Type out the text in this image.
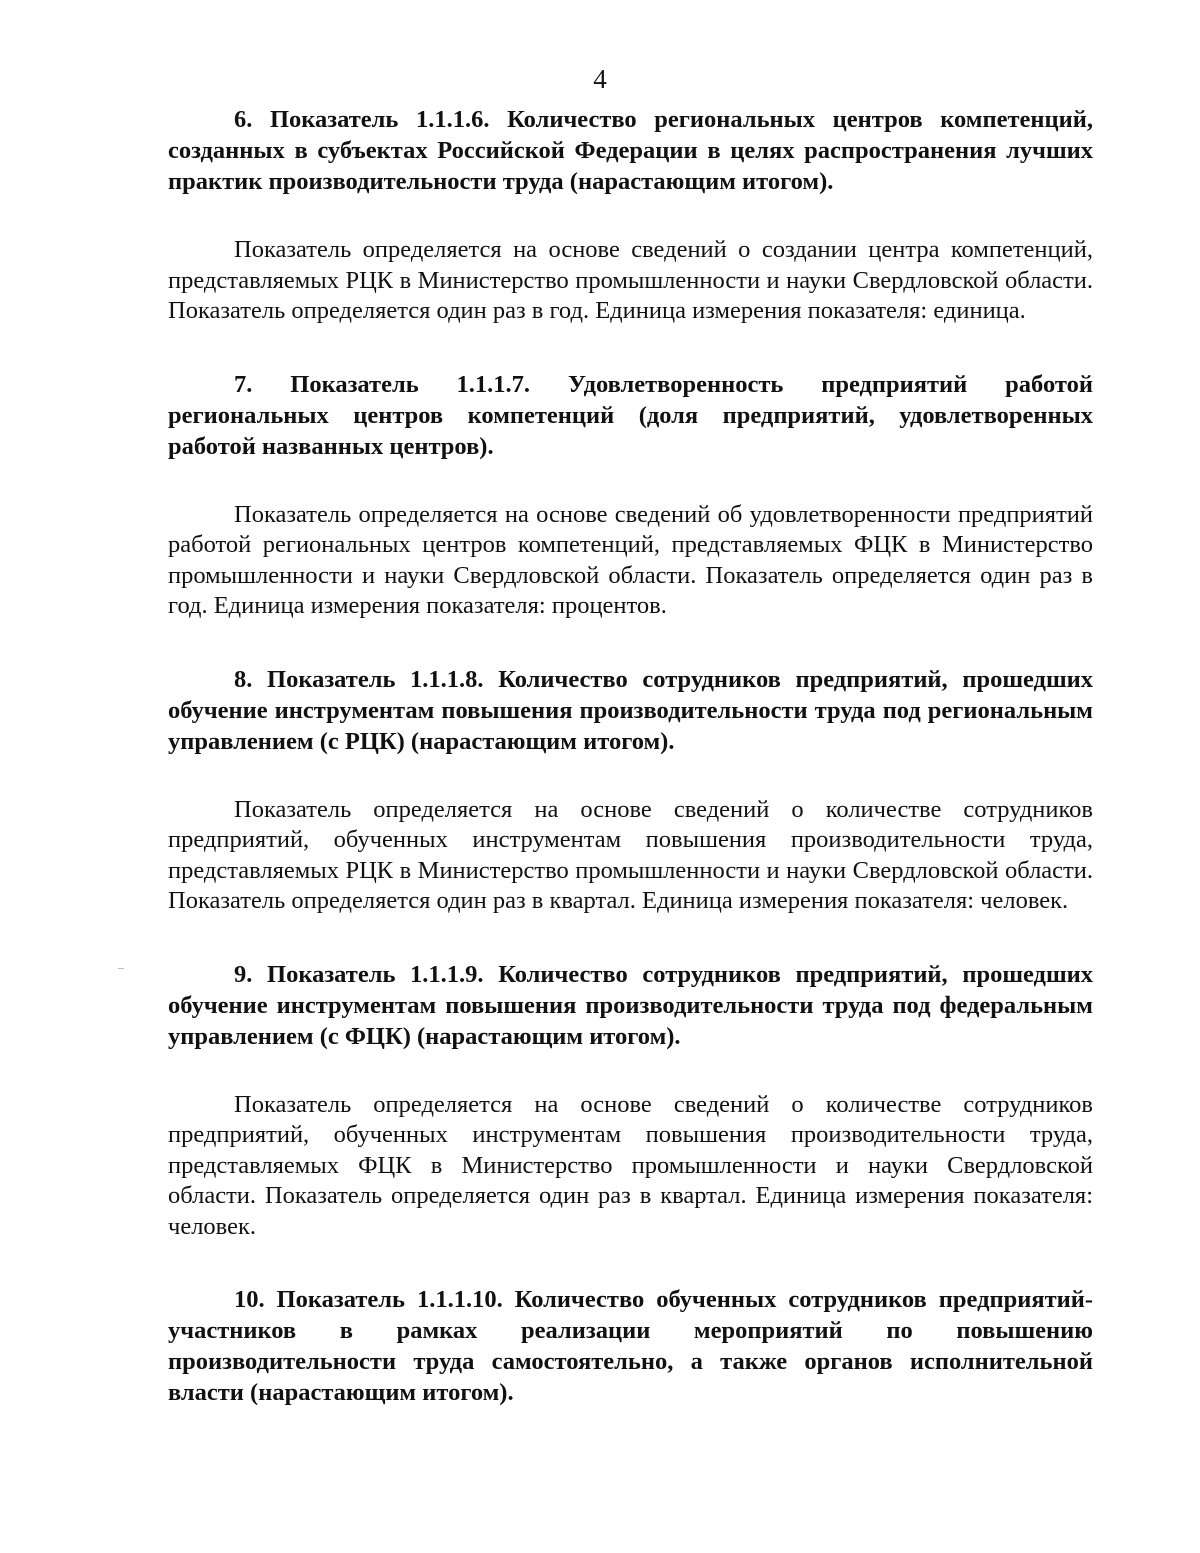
4

6. Показатель 1.1.1.6. Количество региональных центров компетенций, созданных в субъектах Российской Федерации в целях распространения лучших практик производительности труда (нарастающим итогом).

Показатель определяется на основе сведений о создании центра компетенций, представляемых РЦК в Министерство промышленности и науки Свердловской области. Показатель определяется один раз в год. Единица измерения показателя: единица.

7. Показатель 1.1.1.7. Удовлетворенность предприятий работой региональных центров компетенций (доля предприятий, удовлетворенных работой названных центров).

Показатель определяется на основе сведений об удовлетворенности предприятий работой региональных центров компетенций, представляемых ФЦК в Министерство промышленности и науки Свердловской области. Показатель определяется один раз в год. Единица измерения показателя: процентов.

8. Показатель 1.1.1.8. Количество сотрудников предприятий, прошедших обучение инструментам повышения производительности труда под региональным управлением (с РЦК) (нарастающим итогом).

Показатель определяется на основе сведений о количестве сотрудников предприятий, обученных инструментам повышения производительности труда, представляемых РЦК в Министерство промышленности и науки Свердловской области. Показатель определяется один раз в квартал. Единица измерения показателя: человек.

9. Показатель 1.1.1.9. Количество сотрудников предприятий, прошедших обучение инструментам повышения производительности труда под федеральным управлением (с ФЦК) (нарастающим итогом).

Показатель определяется на основе сведений о количестве сотрудников предприятий, обученных инструментам повышения производительности труда, представляемых ФЦК в Министерство промышленности и науки Свердловской области. Показатель определяется один раз в квартал. Единица измерения показателя: человек.

10. Показатель 1.1.1.10. Количество обученных сотрудников предприятий-участников в рамках реализации мероприятий по повышению производительности труда самостоятельно, а также органов исполнительной власти (нарастающим итогом).
